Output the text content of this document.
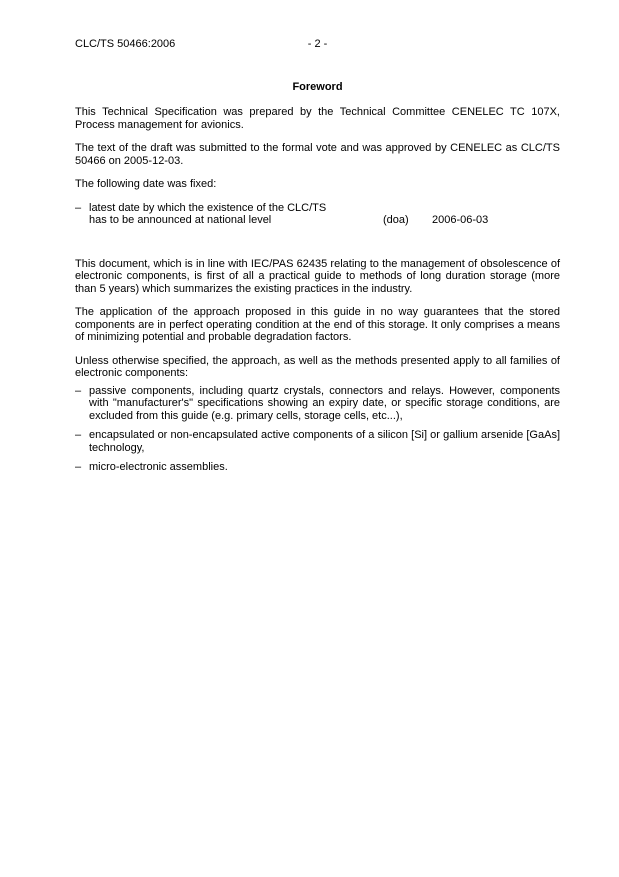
CLC/TS 50466:2006	- 2 -
Foreword

This Technical Specification was prepared by the Technical Committee CENELEC TC 107X, Process management for avionics.

The text of the draft was submitted to the formal vote and was approved by CENELEC as CLC/TS 50466 on 2005-12-03.

The following date was fixed:

– latest date by which the existence of the CLC/TS
has to be announced at national level	(doa) 2006-06-03

This document, which is in line with IEC/PAS 62435 relating to the management of obsolescence of electronic components, is first of all a practical guide to methods of long duration storage (more than 5 years) which summarizes the existing practices in the industry.

The application of the approach proposed in this guide in no way guarantees that the stored components are in perfect operating condition at the end of this storage. It only comprises a means of minimizing potential and probable degradation factors.

Unless otherwise specified, the approach, as well as the methods presented apply to all families of electronic components:

– passive components, including quartz crystals, connectors and relays. However, components with "manufacturer's" specifications showing an expiry date, or specific storage conditions, are excluded from this guide (e.g. primary cells, storage cells, etc...),
– encapsulated or non-encapsulated active components of a silicon [Si] or gallium arsenide [GaAs] technology,
– micro-electronic assemblies.
